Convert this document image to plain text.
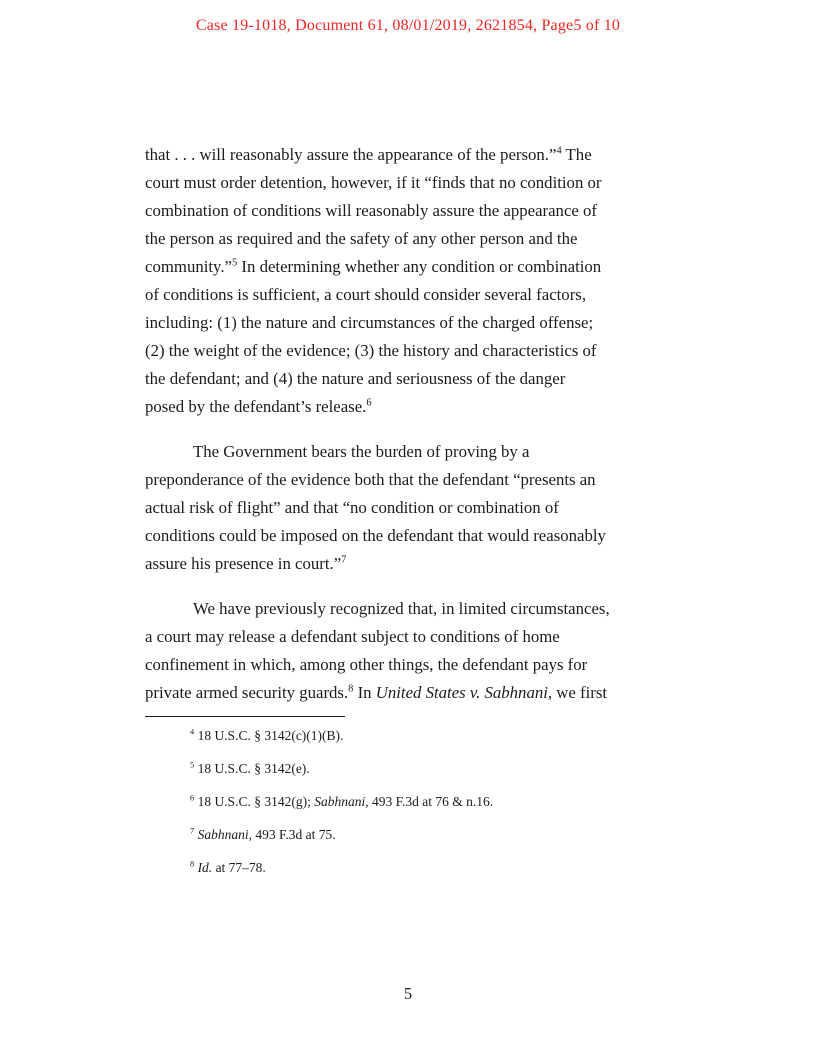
Case 19-1018, Document 61, 08/01/2019, 2621854, Page5 of 10
that . . . will reasonably assure the appearance of the person.”$^4$ The
court must order detention, however, if it “finds that no condition or
combination of conditions will reasonably assure the appearance of
the person as required and the safety of any other person and the
community.”$^5$ In determining whether any condition or combination
of conditions is sufficient, a court should consider several factors,
including: (1) the nature and circumstances of the charged offense;
(2) the weight of the evidence; (3) the history and characteristics of
the defendant; and (4) the nature and seriousness of the danger
posed by the defendant’s release.$^6$
The Government bears the burden of proving by a
preponderance of the evidence both that the defendant “presents an
actual risk of flight” and that “no condition or combination of
conditions could be imposed on the defendant that would reasonably
assure his presence in court.”$^7$
We have previously recognized that, in limited circumstances,
a court may release a defendant subject to conditions of home
confinement in which, among other things, the defendant pays for
private armed security guards.$^8$ In United States v. Sabhnani, we first
$^4$ 18 U.S.C. § 3142(c)(1)(B).
$^5$ 18 U.S.C. § 3142(e).
$^6$ 18 U.S.C. § 3142(g); Sabhnani, 493 F.3d at 76 & n.16.
$^7$ Sabhnani, 493 F.3d at 75.
$^8$ Id. at 77–78.
5
